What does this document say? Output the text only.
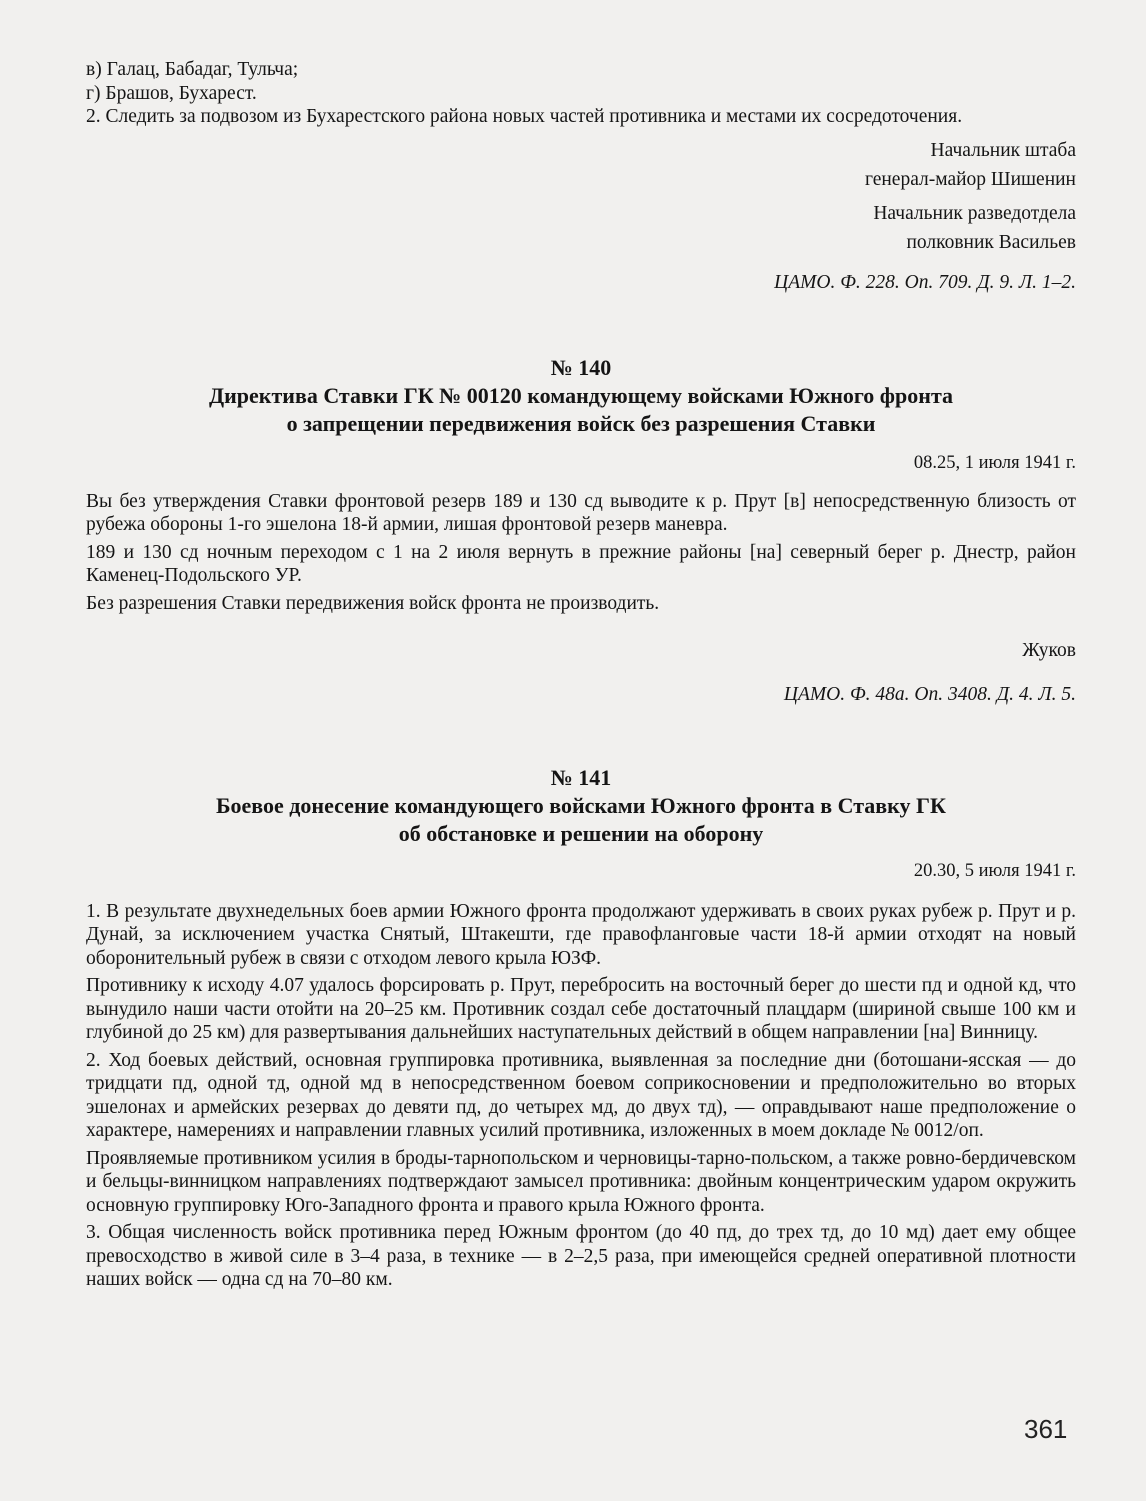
в) Галац, Бабадаг, Тульча;

г) Брашов, Бухарест.

2. Следить за подвозом из Бухарестского района новых частей противника и местами их сосредоточения.

Начальник штаба

генерал-майор Шишенин

Начальник разведотдела

полковник Васильев

ЦАМО. Ф. 228. Оп. 709. Д. 9. Л. 1–2.

№ 140

Директива Ставки ГК № 00120 командующему войсками Южного фронта

о запрещении передвижения войск без разрешения Ставки

08.25, 1 июля 1941 г.

Вы без утверждения Ставки фронтовой резерв 189 и 130 сд выводите к р. Прут [в] непосредственную близость от рубежа обороны 1-го эшелона 18-й армии, лишая фронтовой резерв маневра.

189 и 130 сд ночным переходом с 1 на 2 июля вернуть в прежние районы [на] северный берег р. Днестр, район Каменец-Подольского УР.

Без разрешения Ставки передвижения войск фронта не производить.

Жуков

ЦАМО. Ф. 48а. Оп. 3408. Д. 4. Л. 5.

№ 141

Боевое донесение командующего войсками Южного фронта в Ставку ГК

об обстановке и решении на оборону

20.30, 5 июля 1941 г.

1. В результате двухнедельных боев армии Южного фронта продолжают удерживать в своих руках рубеж р. Прут и р. Дунай, за исключением участка Снятый, Штакешти, где правофланговые части 18-й армии отходят на новый оборонительный рубеж в связи с отходом левого крыла ЮЗФ.

Противнику к исходу 4.07 удалось форсировать р. Прут, перебросить на восточный берег до шести пд и одной кд, что вынудило наши части отойти на 20–25 км. Противник создал себе достаточный плацдарм (шириной свыше 100 км и глубиной до 25 км) для развертывания дальнейших наступательных действий в общем направлении [на] Винницу.

2. Ход боевых действий, основная группировка противника, выявленная за последние дни (ботошани-ясская — до тридцати пд, одной тд, одной мд в непосредственном боевом соприкосновении и предположительно во вторых эшелонах и армейских резервах до девяти пд, до четырех мд, до двух тд), — оправдывают наше предположение о характере, намерениях и направлении главных усилий противника, изложенных в моем докладе № 0012/оп.

Проявляемые противником усилия в броды-тарнопольском и черновицы-тарно-польском, а также ровно-бердичевском и бельцы-винницком направлениях подтверждают замысел противника: двойным концентрическим ударом окружить основную группировку Юго-Западного фронта и правого крыла Южного фронта.

3. Общая численность войск противника перед Южным фронтом (до 40 пд, до трех тд, до 10 мд) дает ему общее превосходство в живой силе в 3–4 раза, в технике — в 2–2,5 раза, при имеющейся средней оперативной плотности наших войск — одна сд на 70–80 км.

361
